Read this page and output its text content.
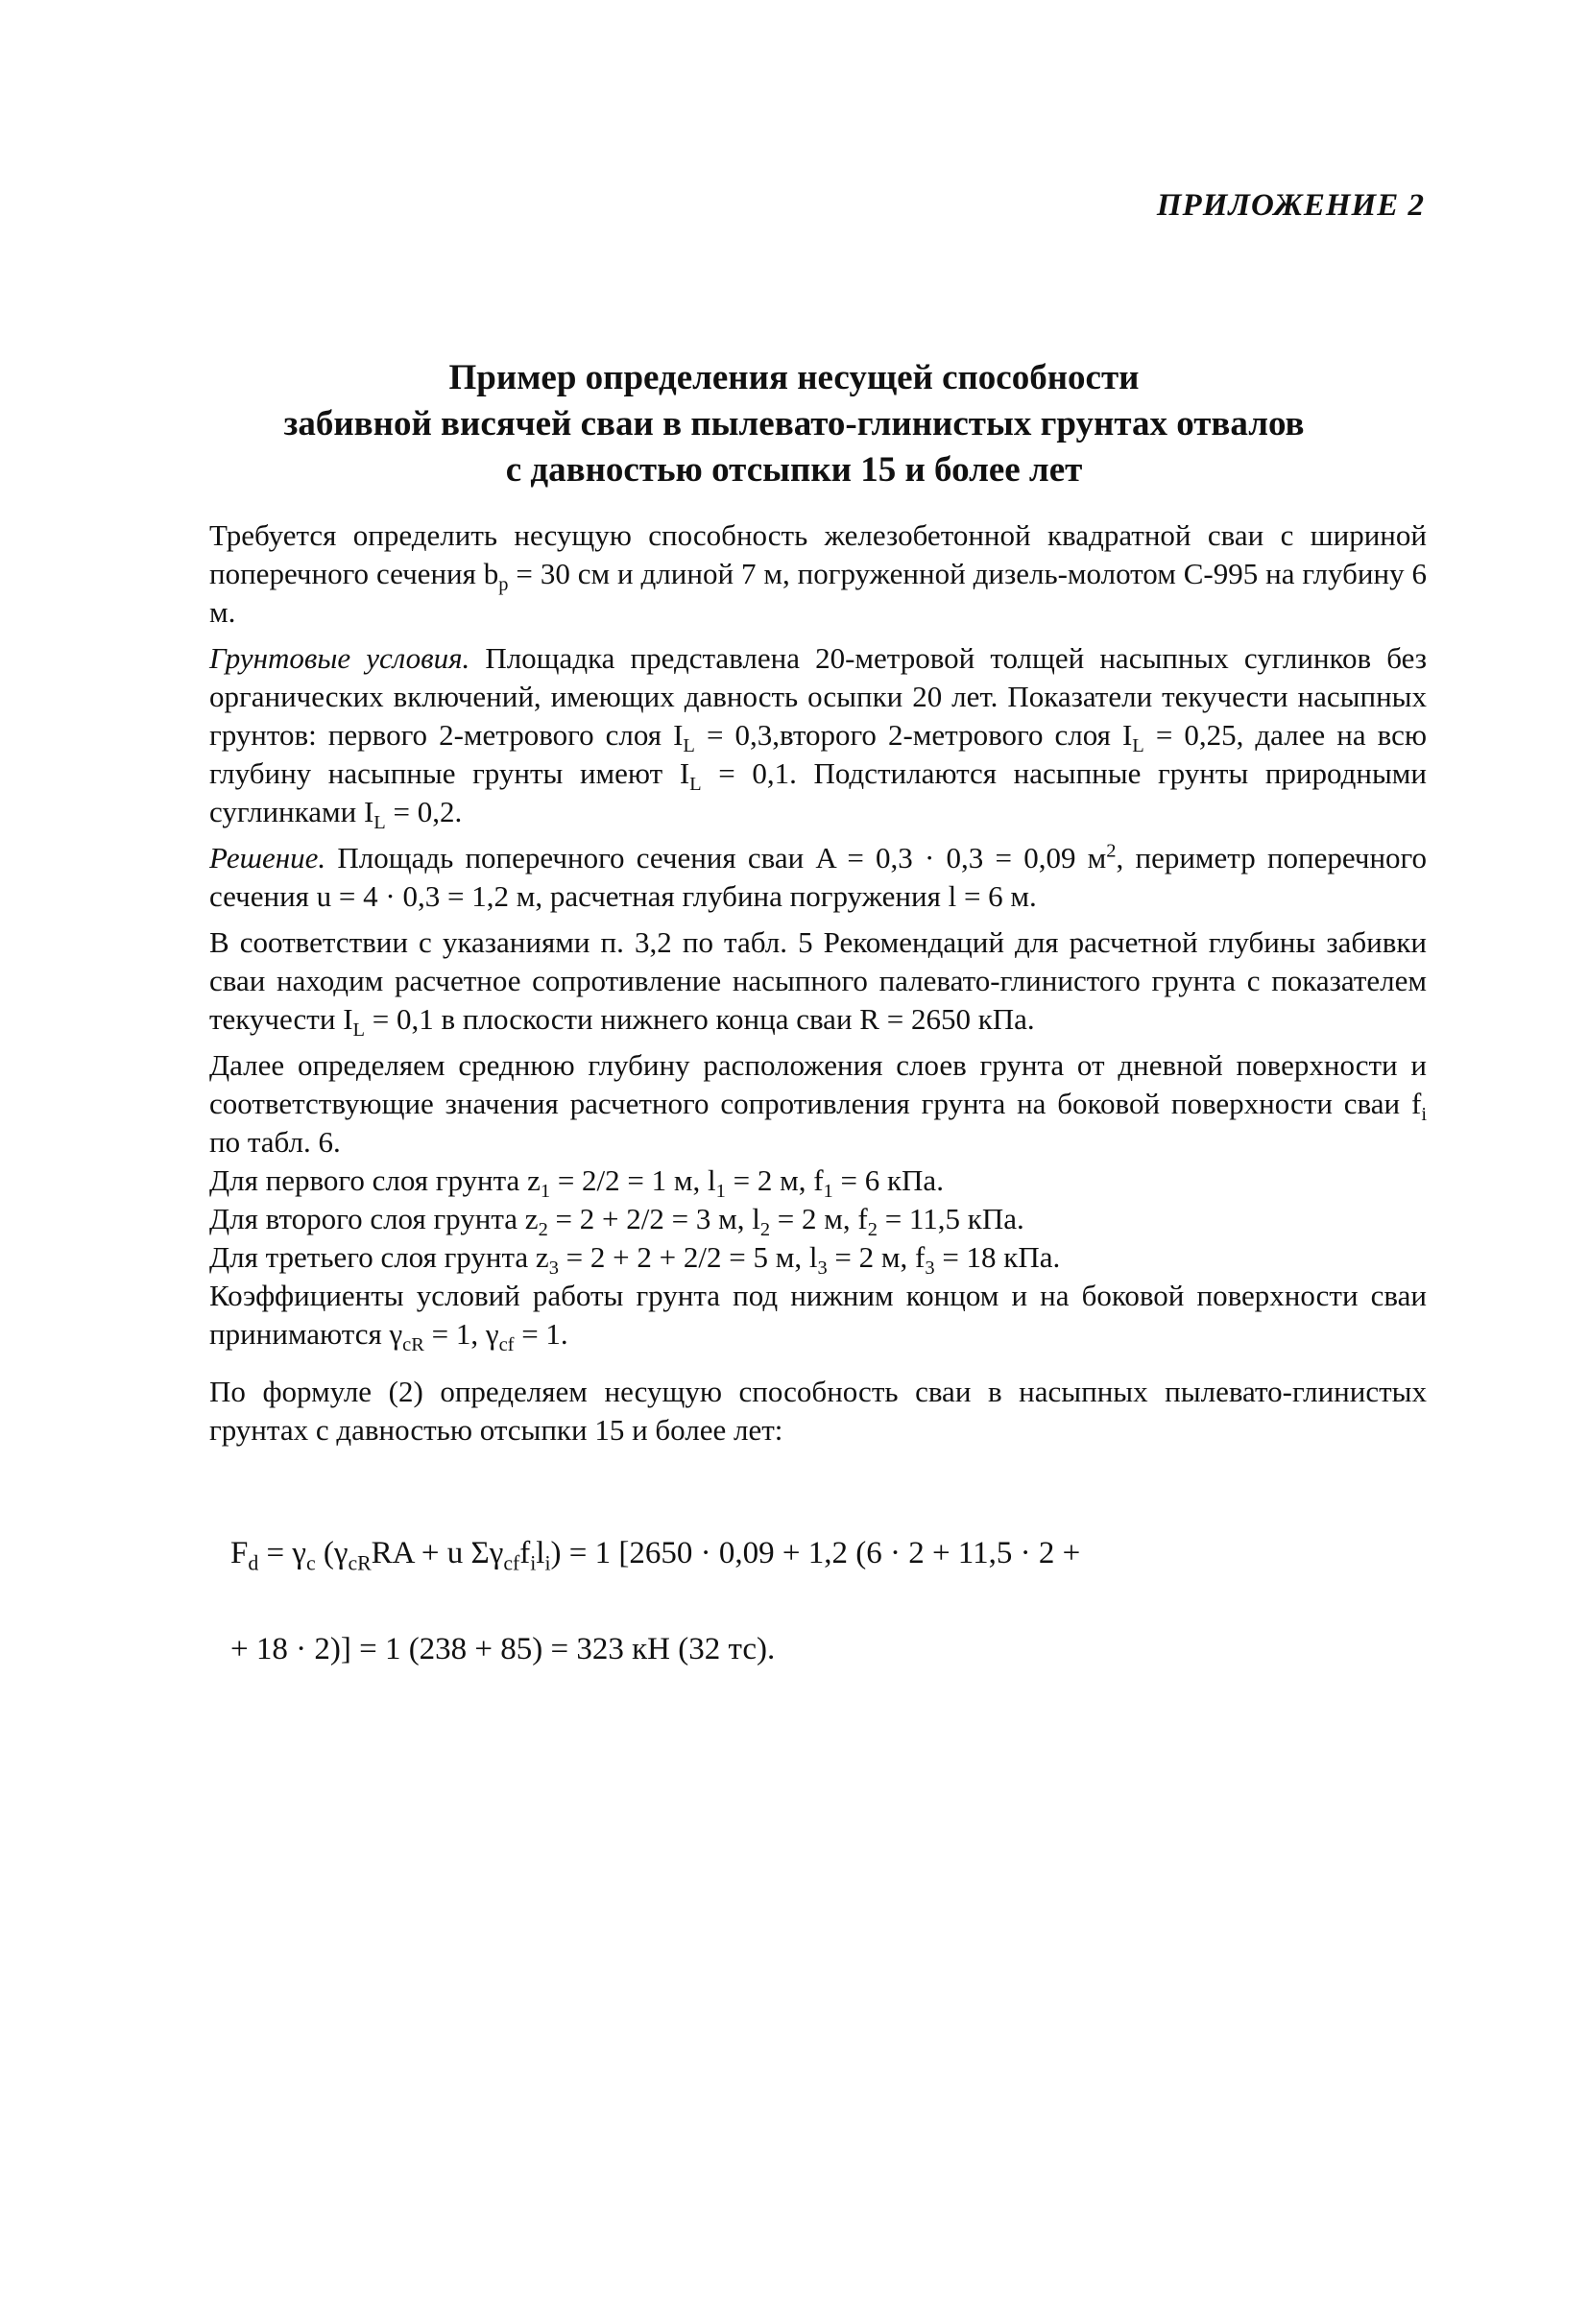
ПРИЛОЖЕНИЕ 2
Пример определения несущей способности
забивной висячей сваи в пылевато-глинистых грунтах отвалов
с давностью отсыпки 15 и более лет
Требуется определить несущую способность железобетонной квадратной сваи с шириной поперечного сечения $b_p = 30$ см и длиной 7 м, погруженной дизель-молотом С-995 на глубину 6 м.
Грунтовые условия. Площадка представлена 20-метровой толщей насыпных суглинков без органических включений, имеющих давность осыпки 20 лет. Показатели текучести насыпных грунтов: первого 2-метрового слоя $I_L$ = 0,3,второго 2-метрового слоя $I_L = 0,25$, далее на всю глубину насыпные грунты имеют $I_L = 0,1$. Подстилаются насыпные грунты природными суглинками $I_L = 0,2$.
Решение. Площадь поперечного сечения сваи A = 0,3 · 0,3 = 0,09 $м^2$, периметр поперечного сечения u = 4 · 0,3 = 1,2 м, расчетная глубина погружения l = 6 м.
В соответствии с указаниями п. 3,2 по табл. 5 Рекомендаций для расчетной глубины забивки сваи находим расчетное сопротивление насыпного палевато-глинистого грунта с показателем текучести $I_L = 0,1$ в плоскости нижнего конца сваи R = 2650 кПа.
Далее определяем среднюю глубину расположения слоев грунта от дневной поверхности и соответствующие значения расчетного сопротивления грунта на боковой поверхности сваи $f_i$ по табл. 6.
Для первого слоя грунта $z_1 = 2/2 = 1$ м, $l_1 = 2$ м, $f_1 = 6$ кПа.
Для второго слоя грунта $z_2 = 2 + 2/2 = 3$ м, $l_2 = 2$ м, $f_2 = 11,5$ кПа.
Для третьего слоя грунта $z_3 = 2 + 2 + 2/2 = 5$ м, $l_3 = 2$ м, $f_3 = 18$ кПа.
Коэффициенты условий работы грунта под нижним концом и на боковой поверхности сваи принимаются $\gamma_{cR} = 1$, $\gamma_{cf} = 1$.
По формуле (2) определяем несущую способность сваи в насыпных пылевато-глинистых грунтах с давностью отсыпки 15 и более лет:
$F_d = \gamma_c$ ($\gamma_{cR}RA + u$ $\Sigma\gamma_{cf}f_il_i) = 1$ [2650 · 0,09 + 1,2 (6 · 2 + 11,5 · 2 +
+ 18 · 2)] = 1 (238 + 85) = 323 кН (32 тс).
